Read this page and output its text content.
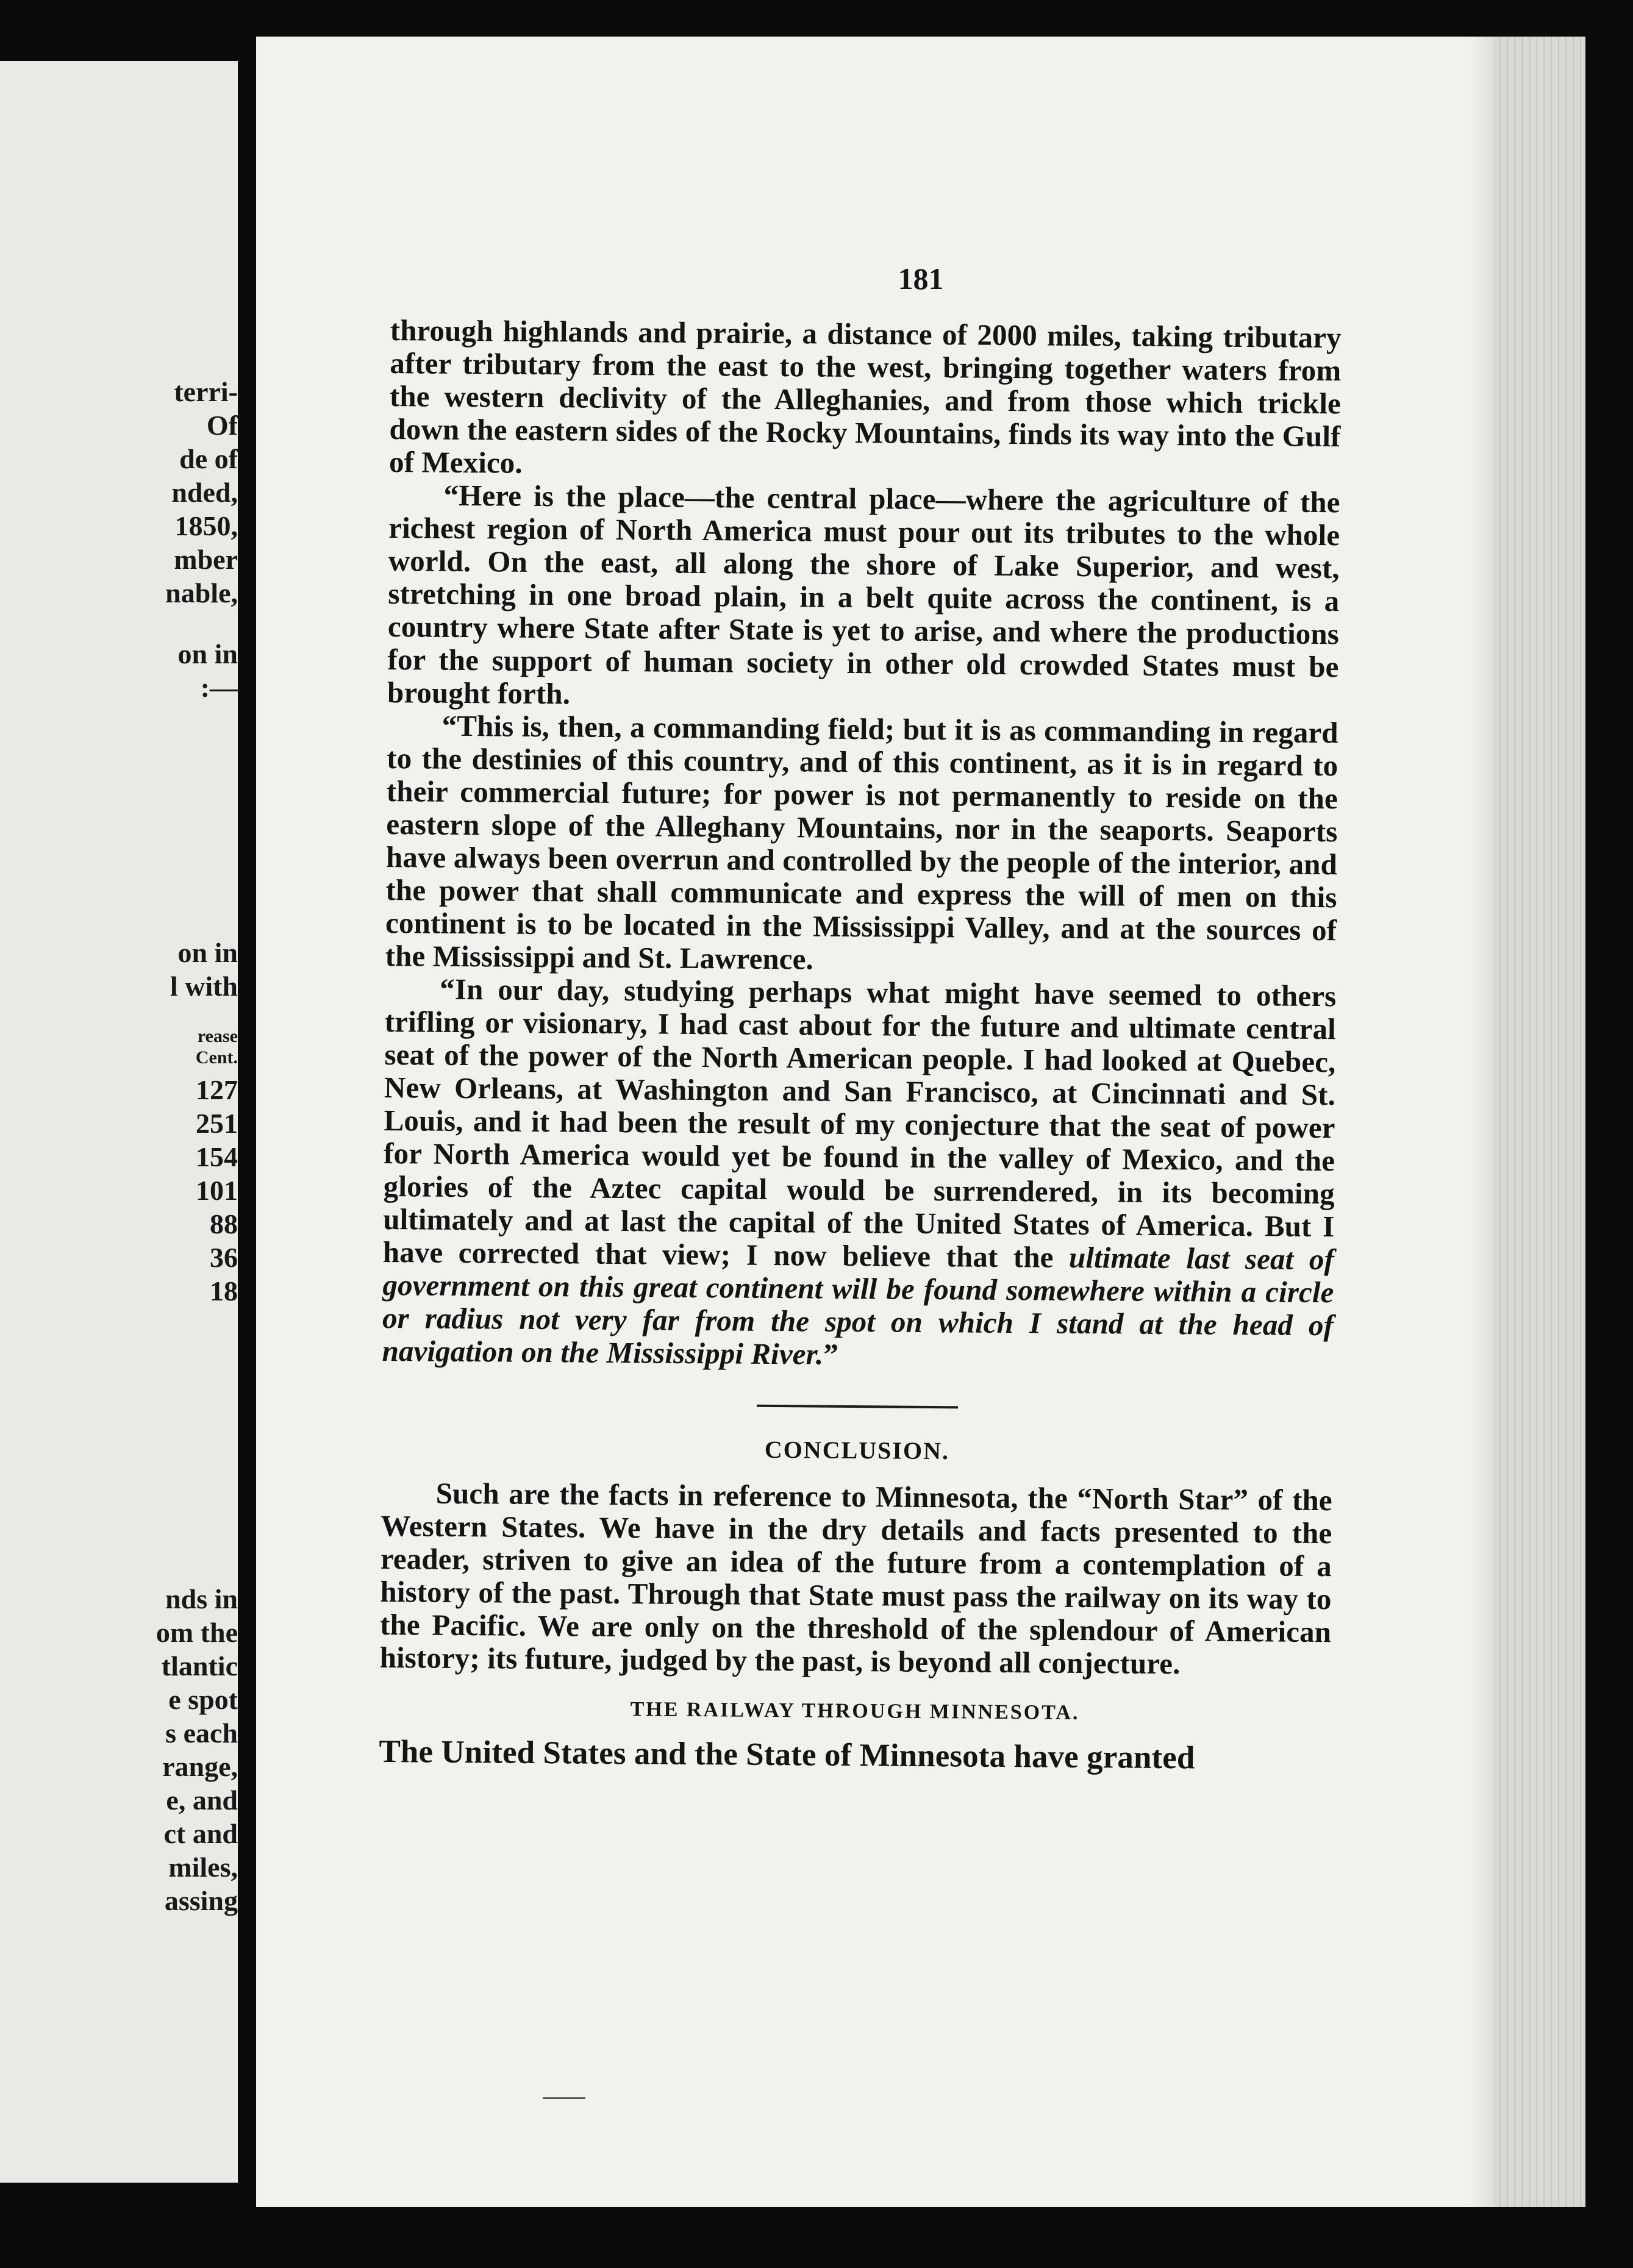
terri-
Of
de of
nded,
1850,
mber
nable,
on in
:—
on in
l with
rease
Cent.
127
251
154
101
88
36
18
nds in
om the
tlantic
e spot
s each
range,
e, and
ct and
miles,
assing
181

through highlands and prairie, a distance of 2000 miles, taking tributary after tributary from the east to the west, bringing together waters from the western declivity of the Alleghanies, and from those which trickle down the eastern sides of the Rocky Mountains, finds its way into the Gulf of Mexico.

“Here is the place—the central place—where the agriculture of the richest region of North America must pour out its tributes to the whole world. On the east, all along the shore of Lake Superior, and west, stretching in one broad plain, in a belt quite across the continent, is a country where State after State is yet to arise, and where the productions for the support of human society in other old crowded States must be brought forth.

“This is, then, a commanding field; but it is as commanding in regard to the destinies of this country, and of this continent, as it is in regard to their commercial future; for power is not permanently to reside on the eastern slope of the Alleghany Mountains, nor in the seaports. Seaports have always been overrun and controlled by the people of the interior, and the power that shall communicate and express the will of men on this continent is to be located in the Mississippi Valley, and at the sources of the Mississippi and St. Lawrence.

“In our day, studying perhaps what might have seemed to others trifling or visionary, I had cast about for the future and ultimate central seat of the power of the North American people. I had looked at Quebec, New Orleans, at Washington and San Francisco, at Cincinnati and St. Louis, and it had been the result of my conjecture that the seat of power for North America would yet be found in the valley of Mexico, and the glories of the Aztec capital would be surrendered, in its becoming ultimately and at last the capital of the United States of America. But I have corrected that view; I now believe that the ultimate last seat of government on this great continent will be found somewhere within a circle or radius not very far from the spot on which I stand at the head of navigation on the Mississippi River.”

CONCLUSION.

Such are the facts in reference to Minnesota, the “North Star” of the Western States. We have in the dry details and facts presented to the reader, striven to give an idea of the future from a contemplation of a history of the past. Through that State must pass the railway on its way to the Pacific. We are only on the threshold of the splendour of American history; its future, judged by the past, is beyond all conjecture.

THE RAILWAY THROUGH MINNESOTA.

The United States and the State of Minnesota have granted
